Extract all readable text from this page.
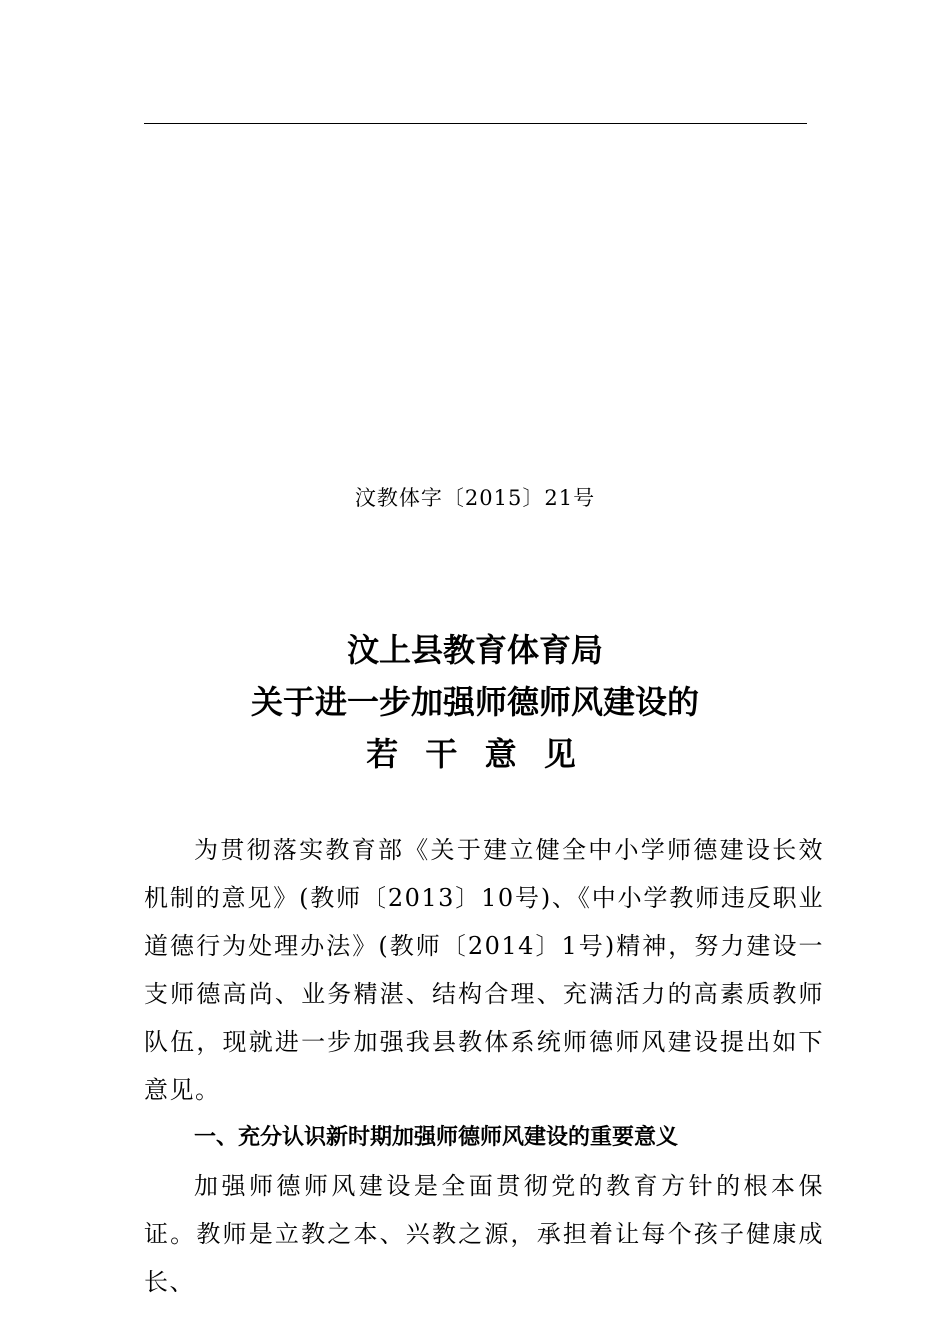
汶教体字〔2015〕21号
汶上县教育体育局
关于进一步加强师德师风建设的
若 干 意 见

为贯彻落实教育部《关于建立健全中小学师德建设长效机制的意见》(教师〔2013〕10号)、《中小学教师违反职业道德行为处理办法》(教师〔2014〕1号)精神，努力建设一支师德高尚、业务精湛、结构合理、充满活力的高素质教师队伍，现就进一步加强我县教体系统师德师风建设提出如下意见。

一、充分认识新时期加强师德师风建设的重要意义

加强师德师风建设是全面贯彻党的教育方针的根本保证。教师是立教之本、兴教之源，承担着让每个孩子健康成长、
